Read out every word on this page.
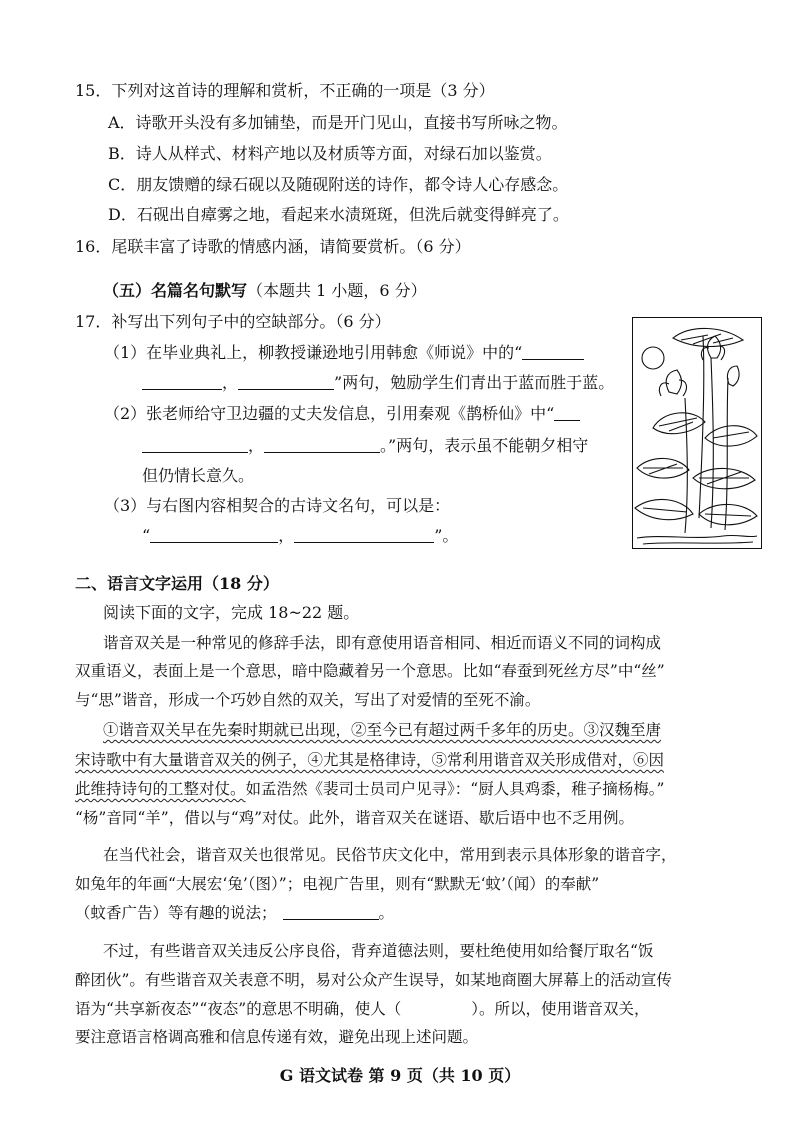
15．下列对这首诗的理解和赏析，不正确的一项是（3 分）
A．诗歌开头没有多加铺垫，而是开门见山，直接书写所咏之物。
B．诗人从样式、材料产地以及材质等方面，对绿石加以鉴赏。
C．朋友馈赠的绿石砚以及随砚附送的诗作，都令诗人心存感念。
D．石砚出自瘴雾之地，看起来水渍斑斑，但洗后就变得鲜亮了。
16．尾联丰富了诗歌的情感内涵，请简要赏析。（6 分）
（五）名篇名句默写（本题共 1 小题，6 分）
17．补写出下列句子中的空缺部分。（6 分）
（1）在毕业典礼上，柳教授谦逊地引用韩愈《师说》中的“
，	”两句，勉励学生们青出于蓝而胜于蓝。
（2）张老师给守卫边疆的丈夫发信息，引用秦观《鹊桥仙》中“
，	。”两句，表示虽不能朝夕相守
但仍情长意久。
（3）与右图内容相契合的古诗文名句，可以是：
“	，	”。
二、语言文字运用（18 分）
阅读下面的文字，完成 18~22 题。
谐音双关是一种常见的修辞手法，即有意使用语音相同、相近而语义不同的词构成
双重语义，表面上是一个意思，暗中隐藏着另一个意思。比如“春蚕到死丝方尽”中“丝”
与“思”谐音，形成一个巧妙自然的双关，写出了对爱情的至死不渝。
①谐音双关早在先秦时期就已出现，②至今已有超过两千多年的历史。③汉魏至唐
宋诗歌中有大量谐音双关的例子，④尤其是格律诗，⑤常利用谐音双关形成借对，⑥因
此维持诗句的工整对仗。如孟浩然《裴司士员司户见寻》：“厨人具鸡黍，稚子摘杨梅。”
“杨”音同“羊”，借以与“鸡”对仗。此外，谐音双关在谜语、歇后语中也不乏用例。
在当代社会，谐音双关也很常见。民俗节庆文化中，常用到表示具体形象的谐音字，
如兔年的年画“大展宏‘兔’（图）”；电视广告里，则有“默默无‘蚊’（闻）的奉献”
（蚊香广告）等有趣的说法；	。
不过，有些谐音双关违反公序良俗，背弃道德法则，要杜绝使用如给餐厅取名“饭
醉团伙”。有些谐音双关表意不明，易对公众产生误导，如某地商圈大屏幕上的活动宣传
语为“共享新夜态”“夜态”的意思不明确，使人（	）。所以，使用谐音双关，
要注意语言格调高雅和信息传递有效，避免出现上述问题。
G 语文试卷 第 9 页（共 10 页）
